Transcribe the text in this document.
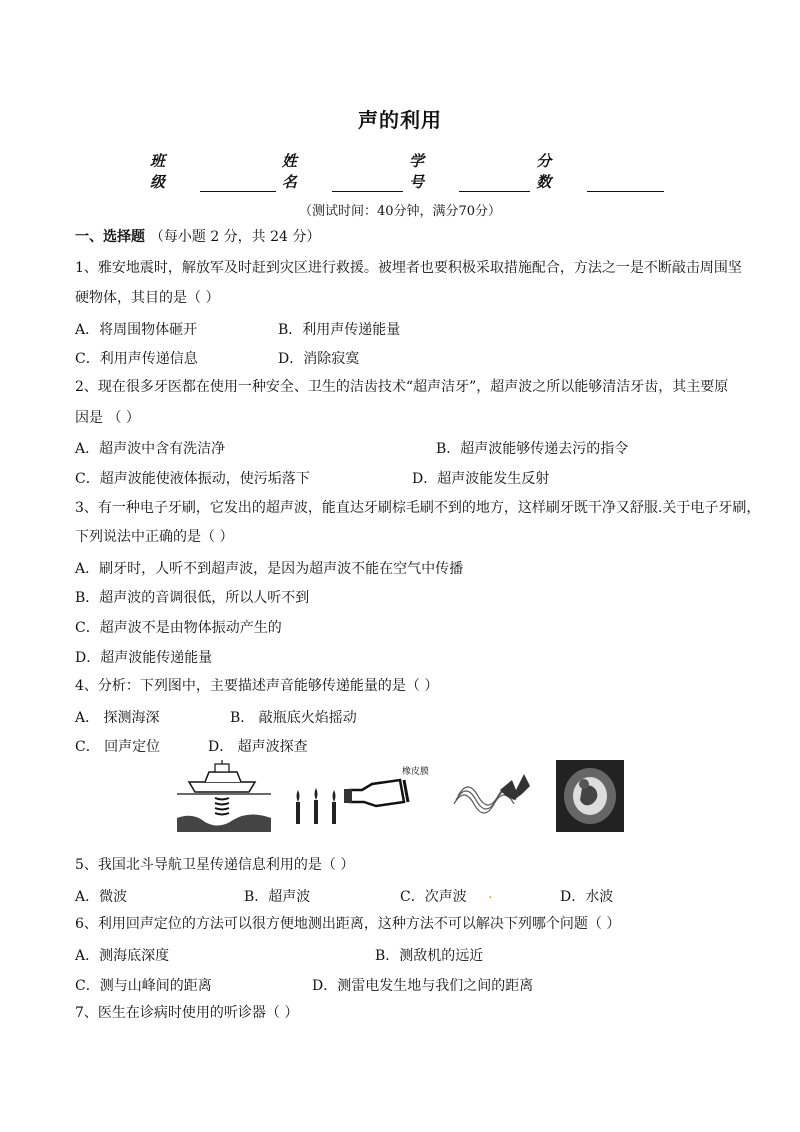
声的利用
班 级
姓 名
学 号
分 数
（测试时间：40分钟，满分70分）
一、选择题 （每小题 2 分，共 24 分）
1、雅安地震时，解放军及时赶到灾区进行救援。被埋者也要积极采取措施配合，方法之一是不断敲击周围坚
硬物体，其目的是（ ）
A．将周围物体砸开	B．利用声传递能量
C．利用声传递信息	D．消除寂寞
2、现在很多牙医都在使用一种安全、卫生的洁齿技术“超声洁牙”，超声波之所以能够清洁牙齿，其主要原
因是 （ ）
A．超声波中含有洗洁净	B．超声波能够传递去污的指令
C．超声波能使液体振动，使污垢落下	D．超声波能发生反射
3、有一种电子牙刷，它发出的超声波，能直达牙刷棕毛刷不到的地方，这样刷牙既干净又舒服.关于电子牙刷，
下列说法中正确的是（ ）
A．刷牙时，人听不到超声波，是因为超声波不能在空气中传播
B．超声波的音调很低，所以人听不到
C．超声波不是由物体振动产生的
D．超声波能传递能量
4、分析：下列图中，主要描述声音能够传递能量的是（ ）
A． 探测海深	B． 敲瓶底火焰摇动
C． 回声定位	D． 超声波探查
橡皮膜
5、我国北斗导航卫星传递信息利用的是（ ）
A．微波	B．超声波	C．次声波 .	D．水波
6、利用回声定位的方法可以很方便地测出距离，这种方法不可以解决下列哪个问题（ ）
A．测海底深度	B．测敌机的远近
C．测与山峰间的距离	D．测雷电发生地与我们之间的距离
7、医生在诊病时使用的听诊器（ ）
